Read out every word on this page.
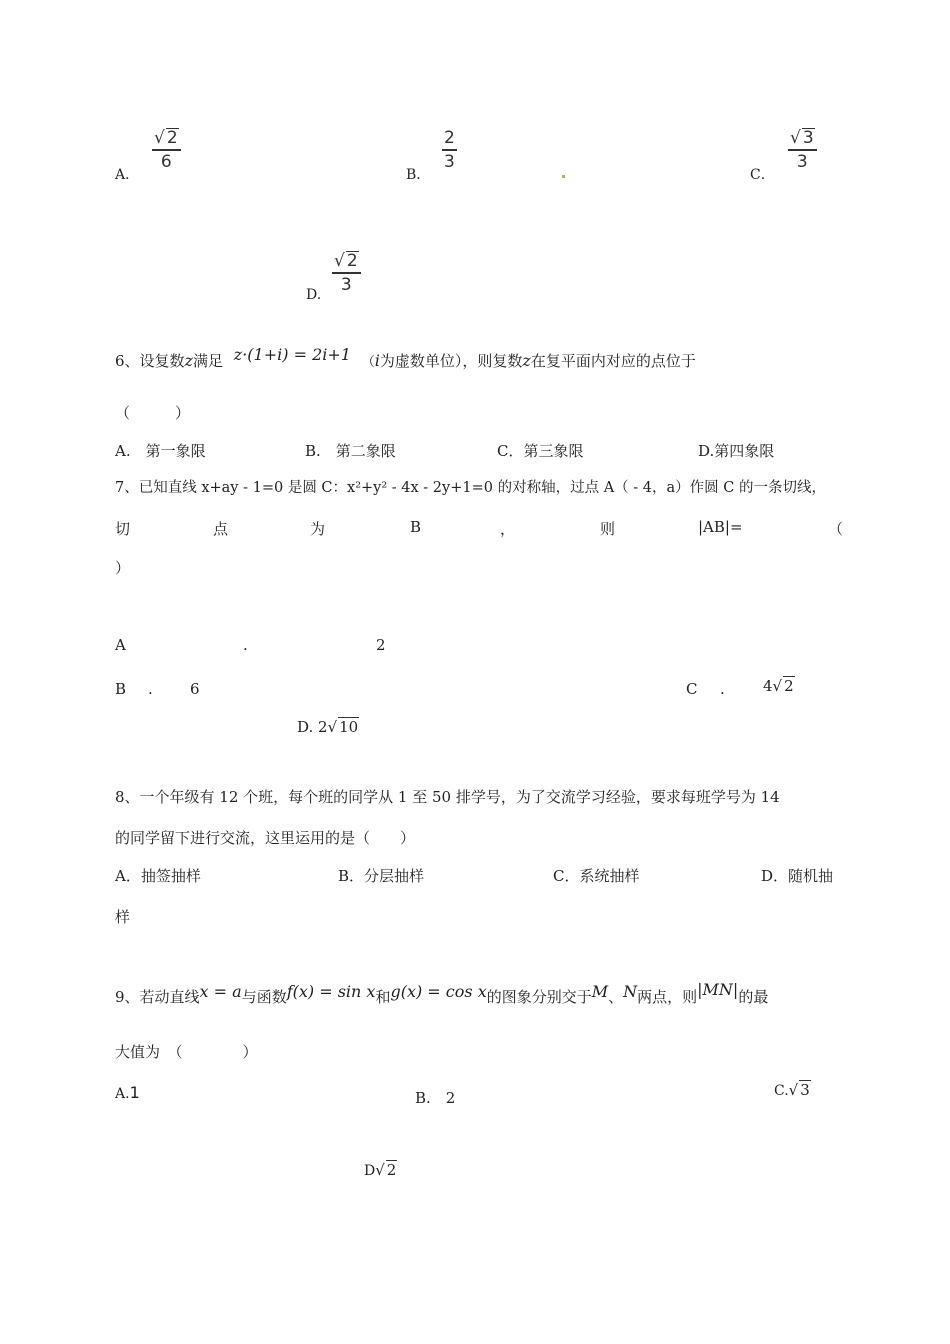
A．
√ 2
6
B．
2
3
C．
√ 3
3
D.
√ 2
3
6、设复数z满足 z·(1+i) = 2i+1 （i为虚数单位），则复数z在复平面内对应的点位于
（　　　）
A.　第一象限	B.　第二象限	C．第三象限	D.第四象限
7、已知直线 x+ay - 1=0 是圆 C：x²+y² - 4x - 2y+1=0 的对称轴，过点 A（ - 4，a）作圆 C 的一条切线，
切	点	为	B	，	则	|AB|=	（
）
A	.	2
B . 6	C .	4√ 2
D. 2√ 10
8、一个年级有 12 个班，每个班的同学从 1 至 50 排学号，为了交流学习经验，要求每班学号为 14
的同学留下进行交流，这里运用的是（　　）
A．抽签抽样	B．分层抽样	C．系统抽样	D．随机抽
样
9、若动直线x = a与函数f(x) = sin x和g(x) = cos x的图象分别交于M、N两点，则|MN|的最
大值为　（　　　　）
A.1	B.　2	C.√ 3
D√ 2
